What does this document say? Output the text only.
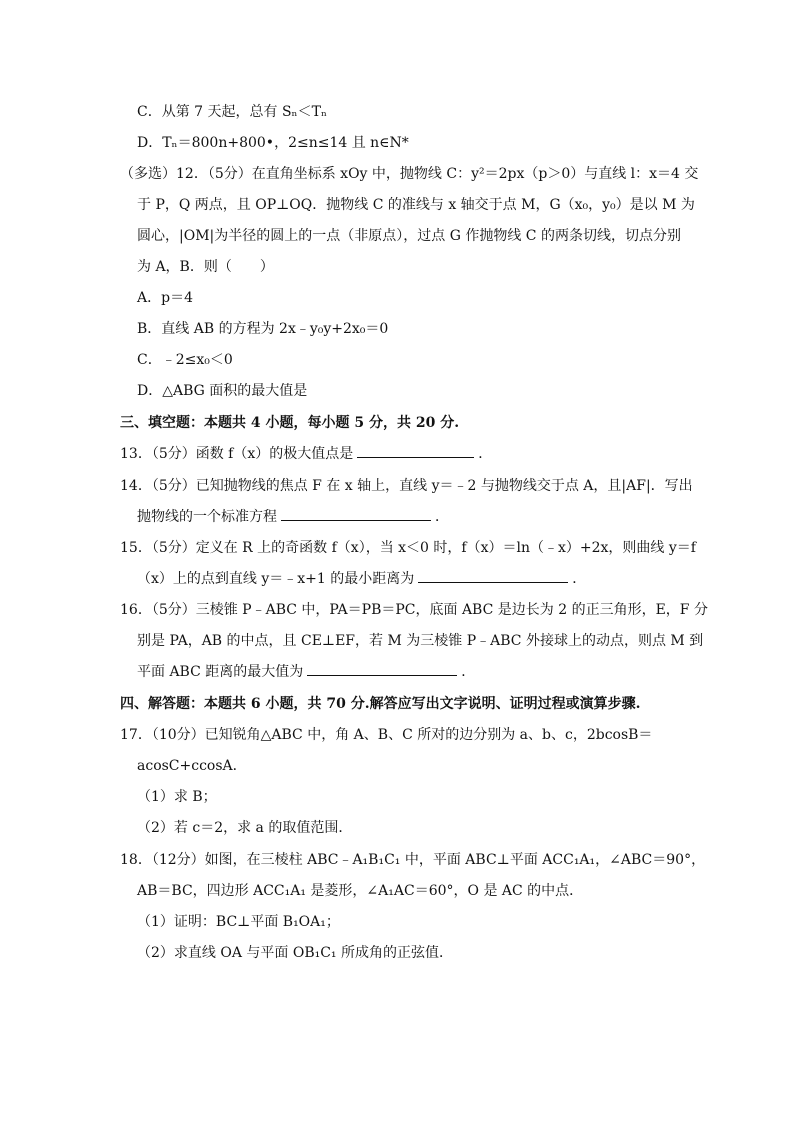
C．从第 7 天起，总有 Sₙ＜Tₙ
D．Tₙ＝800n+800•，2≤n≤14 且 n∈N*
（多选）12．（5分）在直角坐标系 xOy 中，抛物线 C：y²＝2px（p＞0）与直线 l：x＝4 交
于 P，Q 两点，且 OP⊥OQ．抛物线 C 的准线与 x 轴交于点 M，G（x₀，y₀）是以 M 为
圆心，|OM|为半径的圆上的一点（非原点），过点 G 作抛物线 C 的两条切线，切点分别
为 A，B．则（　　）
A．p＝4
B．直线 AB 的方程为 2x﹣y₀y+2x₀＝0
C．﹣2≤x₀＜0
D．△ABG 面积的最大值是
三、填空题：本题共 4 小题，每小题 5 分，共 20 分.
13．（5分）函数 f（x）的极大值点是	．
14．（5分）已知抛物线的焦点 F 在 x 轴上，直线 y＝﹣2 与抛物线交于点 A，且|AF|．写出
抛物线的一个标准方程	．
15．（5分）定义在 R 上的奇函数 f（x），当 x＜0 时，f（x）＝ln（﹣x）+2x，则曲线 y＝f
（x）上的点到直线 y＝﹣x+1 的最小距离为	．
16．（5分）三棱锥 P﹣ABC 中，PA＝PB＝PC，底面 ABC 是边长为 2 的正三角形，E，F 分
别是 PA，AB 的中点，且 CE⊥EF，若 M 为三棱锥 P﹣ABC 外接球上的动点，则点 M 到
平面 ABC 距离的最大值为	．
四、解答题：本题共 6 小题，共 70 分.解答应写出文字说明、证明过程或演算步骤.
17．（10分）已知锐角△ABC 中，角 A、B、C 所对的边分别为 a、b、c，2bcosB＝
acosC+ccosA．
（1）求 B；
（2）若 c＝2，求 a 的取值范围．
18．（12分）如图，在三棱柱 ABC﹣A₁B₁C₁ 中，平面 ABC⊥平面 ACC₁A₁，∠ABC＝90°，
AB＝BC，四边形 ACC₁A₁ 是菱形，∠A₁AC＝60°，O 是 AC 的中点．
（1）证明：BC⊥平面 B₁OA₁；
（2）求直线 OA 与平面 OB₁C₁ 所成角的正弦值．
